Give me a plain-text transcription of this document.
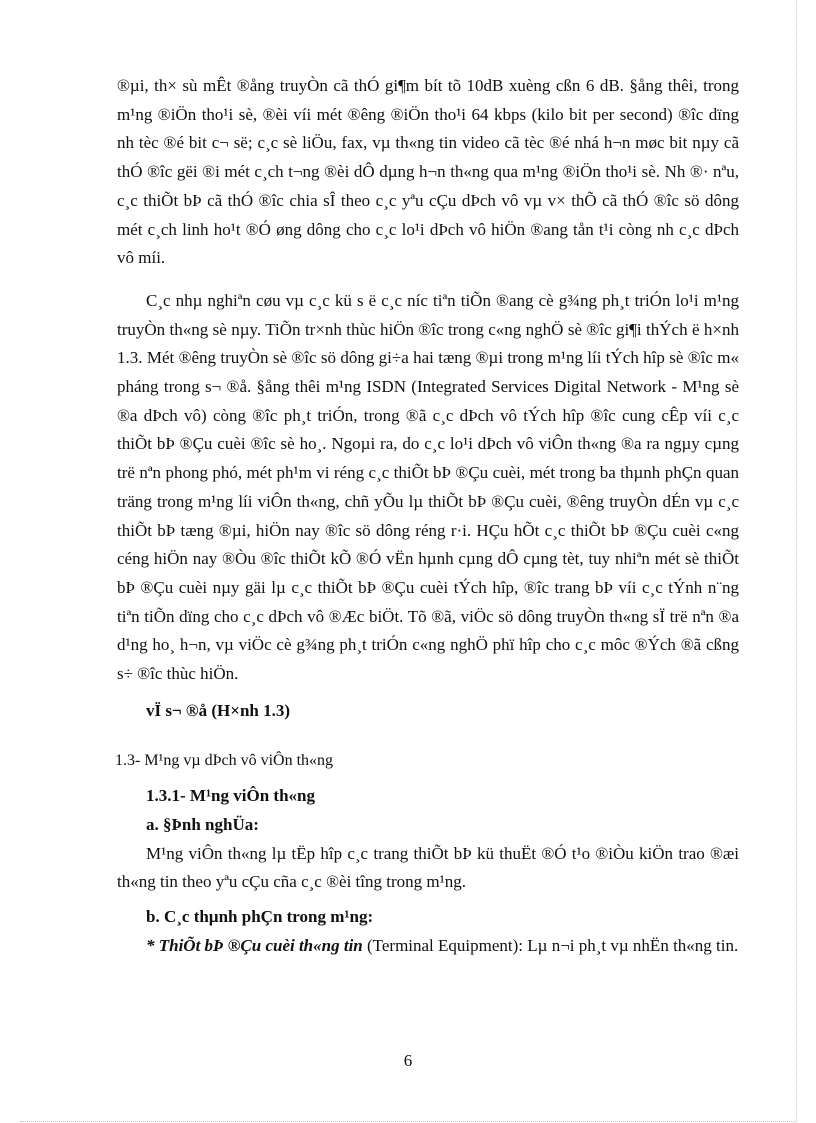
®µi, th× sù mÊt ®ång truyÒn cã thÓ gi¶m bít tõ 10dB xuèng cßn 6 dB. §ång thêi, trong m¹ng ®iÖn tho¹i sè, ®èi víi mét ®êng ®iÖn tho¹i 64 kbps (kilo bit per second) ®îc dïng nh tèc ®é bit c¬ së; c¸c sè liÖu, fax, vµ th«ng tin video cã tèc ®é nhá h¬n møc bit nµy cã thÓ ®îc gëi ®i mét c¸ch t¬ng ®èi dÔ dµng h¬n th«ng qua m¹ng ®iÖn tho¹i sè. Nh ®· nªu, c¸c thiÕt bÞ cã thÓ ®îc chia sÎ theo c¸c yªu cÇu dÞch vô vµ v× thÕ cã thÓ ®îc sö dông mét c¸ch linh ho¹t ®Ó øng dông cho c¸c lo¹i dÞch vô hiÖn ®ang tån t¹i còng nh c¸c dÞch vô míi.

C¸c nhµ nghiªn cøu vµ c¸c kü s ë c¸c níc tiªn tiÕn ®ang cè g¾ng ph¸t triÓn lo¹i m¹ng truyÒn th«ng sè nµy. TiÕn tr×nh thùc hiÖn ®îc trong c«ng nghÖ sè ®îc gi¶i thÝch ë h×nh 1.3. Mét ®êng truyÒn sè ®îc sö dông gi÷a hai tæng ®µi trong m¹ng líi tÝch hîp sè ®îc m« pháng trong s¬ ®å. §ång thêi m¹ng ISDN (Integrated Services Digital Network - M¹ng sè ®a dÞch vô) còng ®îc ph¸t triÓn, trong ®ã c¸c dÞch vô tÝch hîp ®îc cung cÊp víi c¸c thiÕt bÞ ®Çu cuèi ®îc sè ho¸. Ngoµi ra, do c¸c lo¹i dÞch vô viÔn th«ng ®a ra ngµy cµng trë nªn phong phó, mét ph¹m vi réng c¸c thiÕt bÞ ®Çu cuèi, mét trong ba thµnh phÇn quan träng trong m¹ng líi viÔn th«ng, chñ yÕu lµ thiÕt bÞ ®Çu cuèi, ®êng truyÒn dÉn vµ c¸c thiÕt bÞ tæng ®µi, hiÖn nay ®îc sö dông réng r·i. HÇu hÕt c¸c thiÕt bÞ ®Çu cuèi c«ng céng hiÖn nay ®Òu ®îc thiÕt kÕ ®Ó vËn hµnh cµng dÔ cµng tèt, tuy nhiªn mét sè thiÕt bÞ ®Çu cuèi nµy gäi lµ c¸c thiÕt bÞ ®Çu cuèi tÝch hîp, ®îc trang bÞ víi c¸c tÝnh n¨ng tiªn tiÕn dïng cho c¸c dÞch vô ®Æc biÖt. Tõ ®ã, viÖc sö dông truyÒn th«ng sÏ trë nªn ®a d¹ng ho¸ h¬n, vµ viÖc cè g¾ng ph¸t triÓn c«ng nghÖ phï hîp cho c¸c môc ®Ých ®ã cßng s÷ ®îc thùc hiÖn.

vÏ s¬ ®å (H×nh 1.3)

1.3- M¹ng vµ dÞch vô viÔn th«ng

1.3.1- M¹ng viÔn th«ng

a. §Þnh nghÜa:

M¹ng viÔn th«ng lµ tËp hîp c¸c trang thiÕt bÞ kü thuËt ®Ó t¹o ®iÒu kiÖn trao ®æi th«ng tin theo yªu cÇu cña c¸c ®èi tîng trong m¹ng.

b. C¸c thµnh phÇn trong m¹ng:

* ThiÕt bÞ ®Çu cuèi th«ng tin (Terminal Equipment): Lµ n¬i ph¸t vµ nhËn th«ng tin.

6
